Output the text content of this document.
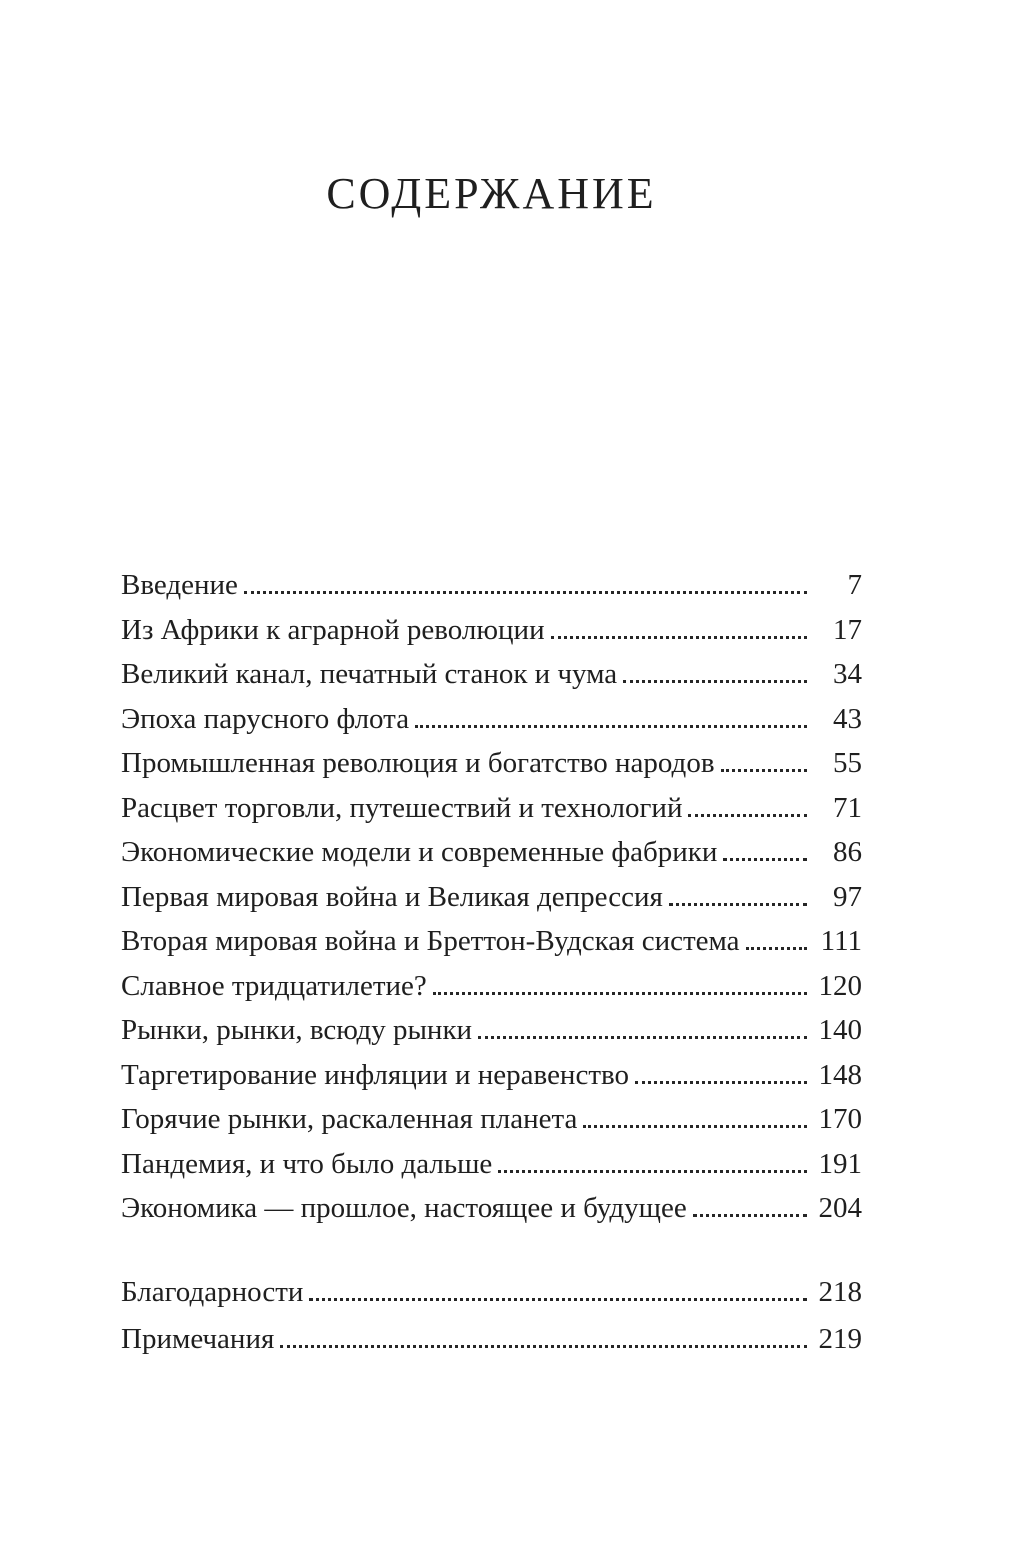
СОДЕРЖАНИЕ
Введение	7
Из Африки к аграрной революции	17
Великий канал, печатный станок и чума	34
Эпоха парусного флота	43
Промышленная революция и богатство народов	55
Расцвет торговли, путешествий и технологий	71
Экономические модели и современные фабрики	86
Первая мировая война и Великая депрессия	97
Вторая мировая война и Бреттон-Вудская система	111
Славное тридцатилетие?	120
Рынки, рынки, всюду рынки	140
Таргетирование инфляции и неравенство	148
Горячие рынки, раскаленная планета	170
Пандемия, и что было дальше	191
Экономика — прошлое, настоящее и будущее	204
Благодарности	218
Примечания	219
